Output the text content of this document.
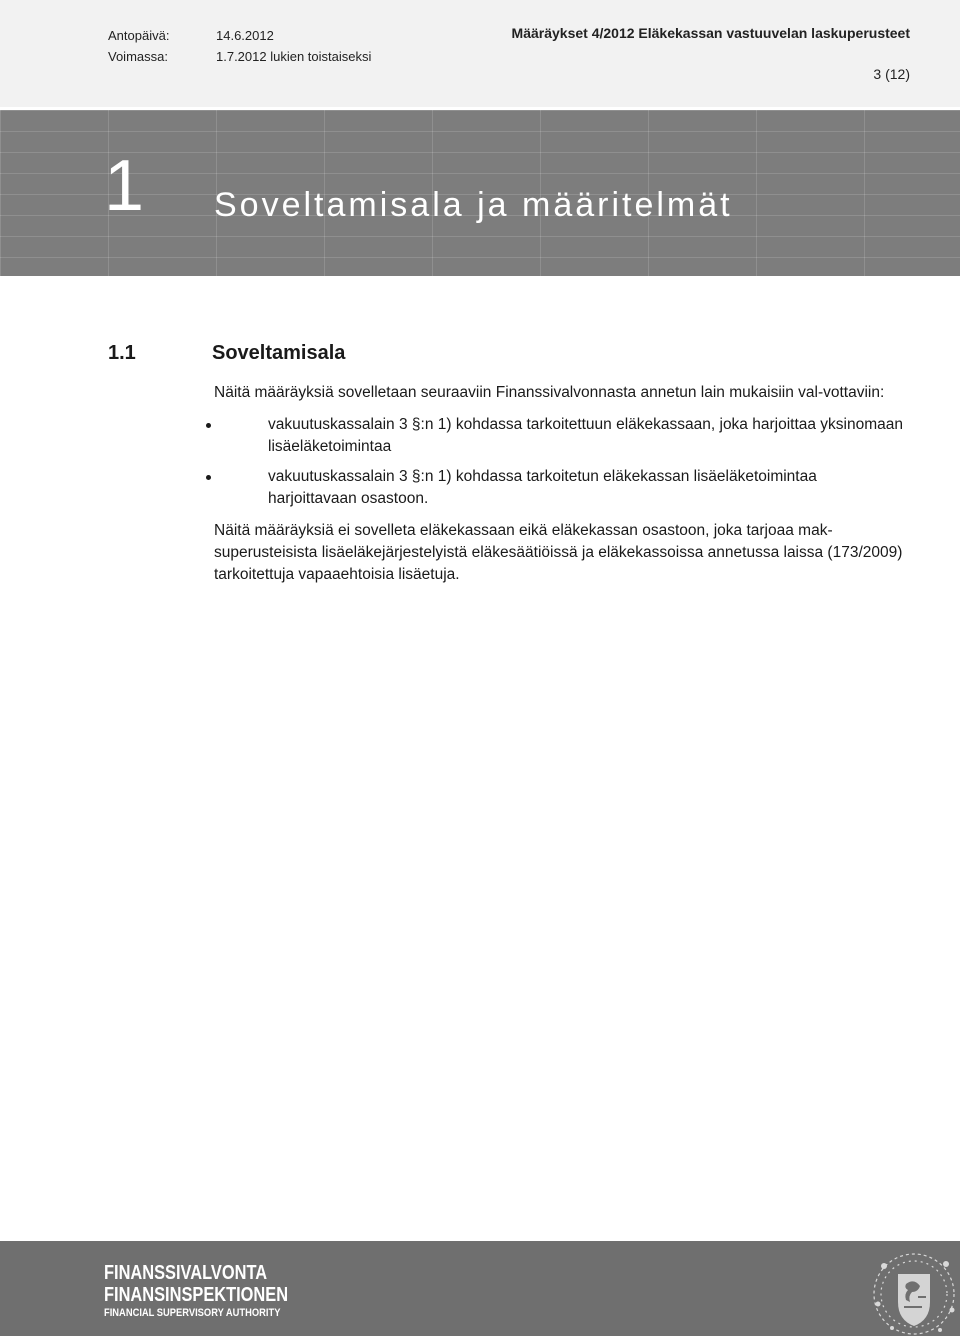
Antopäivä:	14.6.2012
Voimassa:	1.7.2012 lukien toistaiseksi
Määräykset 4/2012 Eläkekassan vastuuvelan laskuperusteet
3 (12)
1 Soveltamisala ja määritelmät
1.1	Soveltamisala

Näitä määräyksiä sovelletaan seuraaviin Finanssivalvonnasta annetun lain mukaisiin val-vottaviin:

vakuutuskassalain 3 §:n 1) kohdassa tarkoitettuun eläkekassaan, joka harjoittaa yksinomaan lisäeläketoimintaa
vakuutuskassalain 3 §:n 1) kohdassa tarkoitetun eläkekassan lisäeläketoimintaa harjoittavaan osastoon.

Näitä määräyksiä ei sovelleta eläkekassaan eikä eläkekassan osastoon, joka tarjoaa mak-superusteisista lisäeläkejärjestelyistä eläkesäätiöissä ja eläkekassoissa annetussa laissa (173/2009) tarkoitettuja vapaaehtoisia lisäetuja.

FINANSSIVALVONTA
FINANSINSPEKTIONEN
FINANCIAL SUPERVISORY AUTHORITY
